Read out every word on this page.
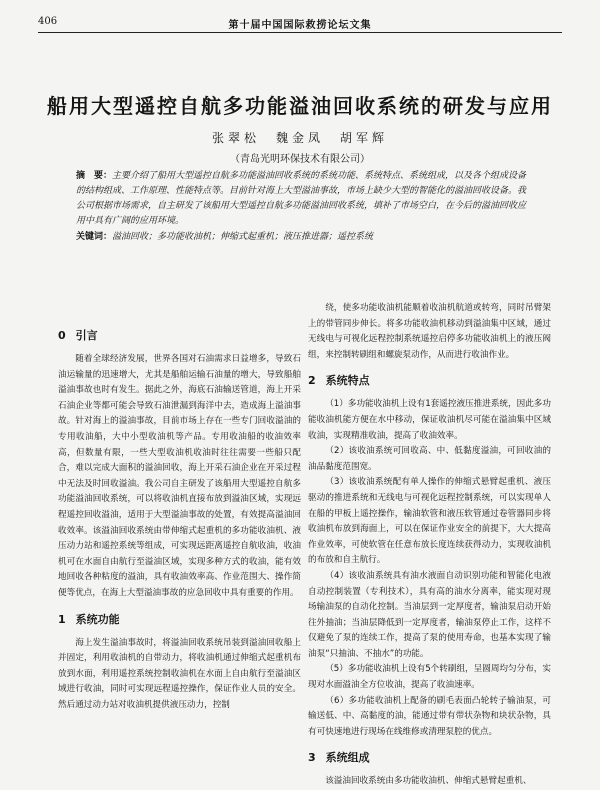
406	第十届中国国际救捞论坛文集
船用大型遥控自航多功能溢油回收系统的研发与应用
张翠松　魏金凤　胡军辉
（青岛光明环保技术有限公司）
摘　要：主要介绍了船用大型遥控自航多功能溢油回收系统的系统功能、系统特点、系统组成，以及各个组成设备的结构组成、工作原理、性能特点等。目前针对海上大型溢油事故，市场上缺少大型的智能化的溢油回收设备。我公司根据市场需求，自主研发了该船用大型遥控自航多功能溢油回收系统，填补了市场空白，在今后的溢油回收应用中具有广阔的应用环境。
关键词：溢油回收；多功能收油机；伸缩式起重机；液压推进器；遥控系统
0 引言

随着全球经济发展，世界各国对石油需求日益增多，导致石油运输量的迅速增大，尤其是船舶运输石油量的增大，导致船舶溢油事故也时有发生。据此之外，海底石油输送管道，海上开采石油企业等都可能会导致石油泄漏到海洋中去，造成海上溢油事故。针对海上的溢油事故，目前市场上存在一些专门回收溢油的专用收油船，大中小型收油机等产品。专用收油船的收油效率高，但数量有限，一些大型收油机收油时往往需要一些船只配合，难以完成大面积的溢油回收，海上开采石油企业在开采过程中无法及时回收溢油。我公司自主研发了该船用大型遥控自航多功能溢油回收系统，可以将收油机直接布放到溢油区域，实现远程遥控回收溢油，适用于大型溢油事故的处置，有效提高溢油回收效率。该溢油回收系统由带伸缩式起重机的多功能收油机、液压动力站和遥控系统等组成，可实现远距离遥控自航收油，收油机可在水面自由航行至溢油区域，实现多种方式的收油，能有效地回收各种粘度的溢油，具有收油效率高、作业范围大、操作简便等优点，在海上大型溢油事故的应急回收中具有重要的作用。

1 系统功能

海上发生溢油事故时，将溢油回收系统吊装到溢油回收船上并固定，利用收油机的自带动力，将收油机通过伸缩式起重机布放到水面，利用遥控系统控制收油机在水面上自由航行至溢油区域进行收油，同时可实现远程遥控操作，保证作业人员的安全。然后通过动力站对收油机提供液压动力，控制

绕，使多功能收油机能顺着收油机航道或转弯，同时吊臂架上的带管同步伸长。将多功能收油机移动到溢油集中区域，通过无线电与可视化远程控制系统遥控启停多功能收油机上的液压阀组，来控制转刷组和螺旋泵动作，从而进行收油作业。

2 系统特点

（1）多功能收油机上设有1套遥控液压推进系统，因此多功能收油机能方便在水中移动，保证收油机尽可能在溢油集中区域收油，实现精准收油，提高了收油效率。

（2）该收油系统可回收高、中、低黏度溢油，可回收油的油品黏度范围宽。

（3）该收油系统配有单人操作的伸缩式悬臂起重机、液压驱动的推进系统和无线电与可视化远程控制系统，可以实现单人在船的甲板上遥控操作，输油软管和液压软管通过卷管器同步将收油机布放到海面上，可以在保证作业安全的前提下，大大提高作业效率，可使软管在任意布放长度连续获得动力，实现收油机的布放和自主航行。

（4）该收油系统具有油水液面自动识别功能和智能化电液自动控制装置（专利技术），具有高的油水分离率，能实现对现场输油泵的自动化控制。当油层到一定厚度者，输油泵启动开始往外抽油；当油层降低到一定厚度者，输油泵停止工作，这样不仅避免了泵的连续工作，提高了泵的使用寿命，也基本实现了输油泵“只抽油、不抽水”的功能。

（5）多功能收油机上设有5个转刷组，呈圆周均匀分布，实现对水面溢油全方位收油，提高了收油速率。

（6）多功能收油机上配备的刷毛表面凸轮转子输油泵，可输送低、中、高黏度的油，能通过带有带状杂物和块状杂物，具有可快速地进行现场在线维修或清理泵腔的优点。

3 系统组成

该溢油回收系统由多功能收油机、伸缩式悬臂起重机、
